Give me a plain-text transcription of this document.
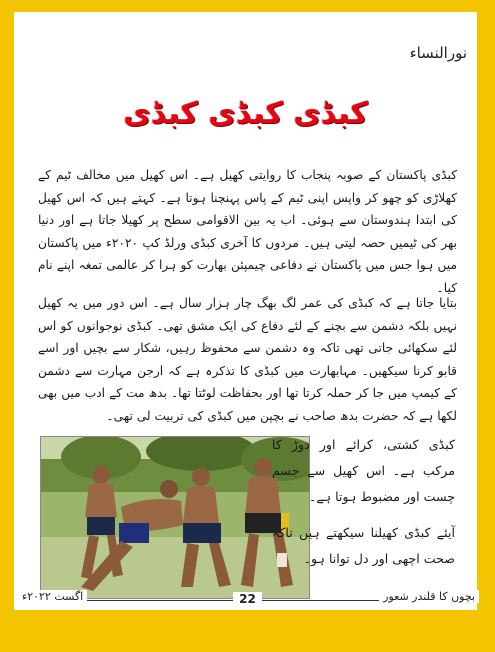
نورالنساء
کبڈی کبڈی کبڈی
کبڈی پاکستان کے صوبہ پنجاب کا روایتی کھیل ہے۔ اس کھیل میں مخالف ٹیم کے کھلاڑی کو چھو کر واپس اپنی ٹیم کے پاس پہنچنا ہوتا ہے۔ کہتے ہیں کہ اس کھیل کی ابتدا ہندوستان سے ہوئی۔ اب یہ بین الاقوامی سطح پر کھیلا جاتا ہے اور دنیا بھر کی ٹیمیں حصہ لیتی ہیں۔ مردوں کا آخری کبڈی ورلڈ کپ ۲۰۲۰ء میں پاکستان میں ہوا جس میں پاکستان نے دفاعی چیمپئن بھارت کو ہرا کر عالمی تمغہ اپنے نام کیا۔
بتایا جاتا ہے کہ کبڈی کی عمر لگ بھگ چار ہزار سال ہے۔ اس دور میں یہ کھیل نہیں بلکہ دشمن سے بچنے کے لئے دفاع کی ایک مشق تھی۔ کبڈی نوجوانوں کو اس لئے سکھائی جاتی تھی تاکہ وہ دشمن سے محفوظ رہیں، شکار سے بچیں اور اسے قابو کرنا سیکھیں۔ مہابھارت میں کبڈی کا تذکرہ ہے کہ ارجن مہارت سے دشمن کے کیمپ میں جا کر حملہ کرتا تھا اور بحفاظت لوٹتا تھا۔ بدھ مت کے ادب میں بھی لکھا ہے کہ حضرت بدھ صاحب نے بچپن میں کبڈی کی تربیت لی تھی۔
کبڈی کشتی، کرائے اور دوڑ کا مرکب ہے۔ اس کھیل سے جسم چست اور مضبوط ہوتا ہے۔
آیئے کبڈی کھیلنا سیکھتے ہیں تاکہ صحت اچھی اور دل توانا ہو۔
اگست ۲۰۲۲ء	22	بچوں کا قلندر شعور
